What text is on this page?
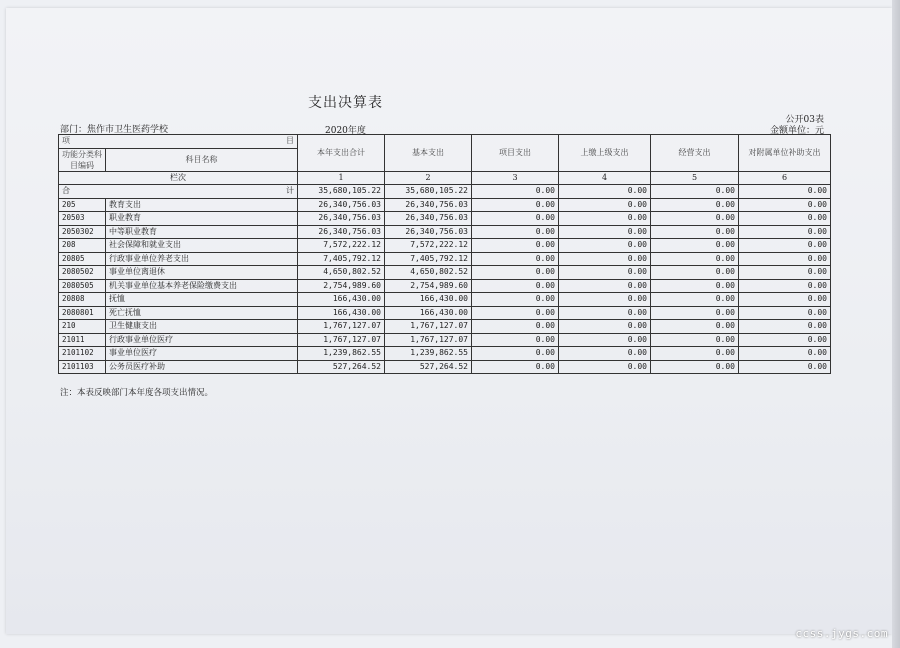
支出决算表
公开03表
部门：焦作市卫生医药学校	2020年度	金额单位：元
项 目		本年支出合计	基本支出	项目支出	上缴上级支出	经营支出	对附属单位补助支出
功能分类科目编码	科目名称						
栏次		1	2	3	4	5	6

合 计		35,680,105.22	35,680,105.22	0.00	0.00	0.00	0.00
205	教育支出	26,340,756.03	26,340,756.03	0.00	0.00	0.00	0.00
20503	职业教育	26,340,756.03	26,340,756.03	0.00	0.00	0.00	0.00
2050302	中等职业教育	26,340,756.03	26,340,756.03	0.00	0.00	0.00	0.00
208	社会保障和就业支出	7,572,222.12	7,572,222.12	0.00	0.00	0.00	0.00
20805	行政事业单位养老支出	7,405,792.12	7,405,792.12	0.00	0.00	0.00	0.00
2080502	事业单位离退休	4,650,802.52	4,650,802.52	0.00	0.00	0.00	0.00
2080505	机关事业单位基本养老保险缴费支出	2,754,989.60	2,754,989.60	0.00	0.00	0.00	0.00
20808	抚恤	166,430.00	166,430.00	0.00	0.00	0.00	0.00
2080801	死亡抚恤	166,430.00	166,430.00	0.00	0.00	0.00	0.00
210	卫生健康支出	1,767,127.07	1,767,127.07	0.00	0.00	0.00	0.00
21011	行政事业单位医疗	1,767,127.07	1,767,127.07	0.00	0.00	0.00	0.00
2101102	事业单位医疗	1,239,862.55	1,239,862.55	0.00	0.00	0.00	0.00
2101103	公务员医疗补助	527,264.52	527,264.52	0.00	0.00	0.00	0.00
注：本表反映部门本年度各项支出情况。
ccss.jygs.com
